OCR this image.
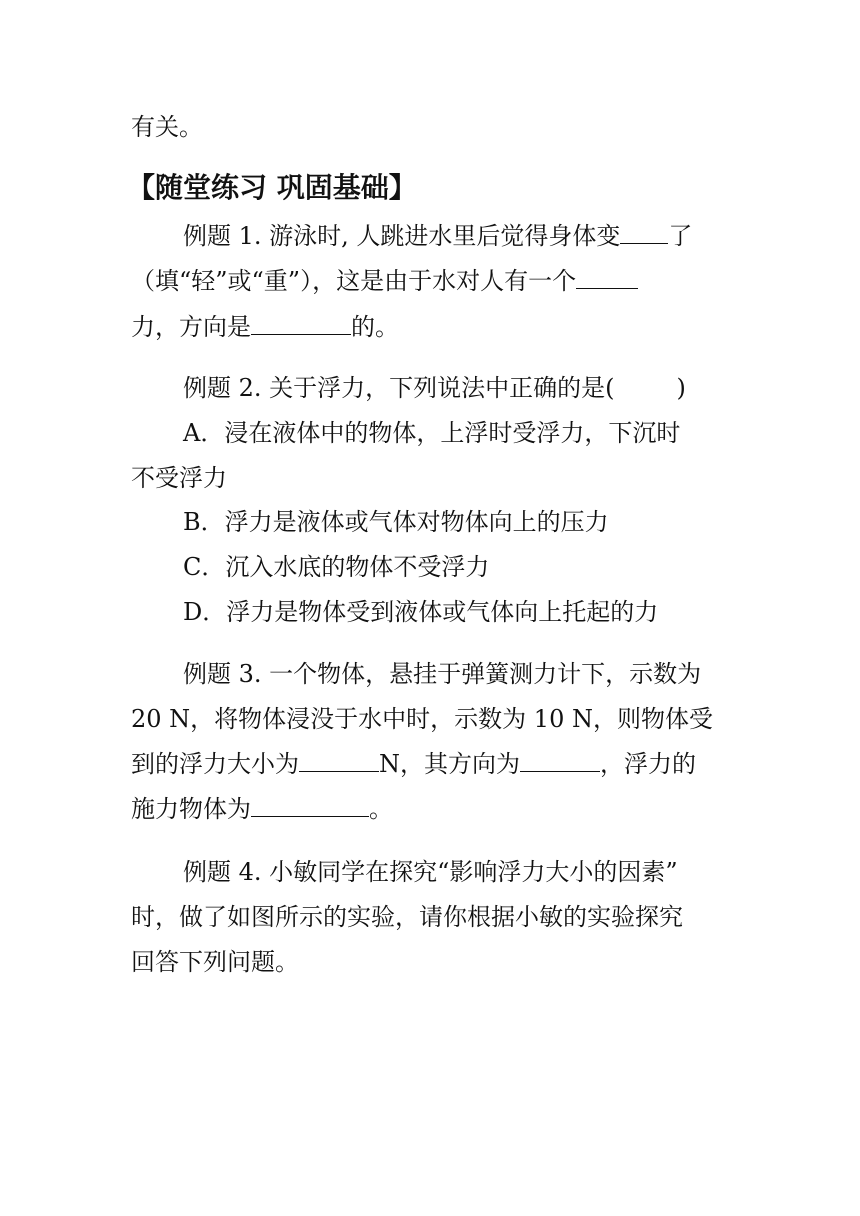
有关。
【随堂练习 巩固基础】
例题 1. 游泳时, 人跳进水里后觉得身体变 了
（填“轻”或“重”），这是由于水对人有一个
力，方向是	的。
例题 2. 关于浮力，下列说法中正确的是(	)
A．浸在液体中的物体，上浮时受浮力，下沉时
不受浮力
B．浮力是液体或气体对物体向上的压力
C．沉入水底的物体不受浮力
D．浮力是物体受到液体或气体向上托起的力
例题 3. 一个物体，悬挂于弹簧测力计下，示数为
20 N，将物体浸没于水中时，示数为 10 N，则物体受
到的浮力大小为	N，其方向为	，浮力的
施力物体为	。
例题 4. 小敏同学在探究“影响浮力大小的因素”
时，做了如图所示的实验，请你根据小敏的实验探究
回答下列问题。
